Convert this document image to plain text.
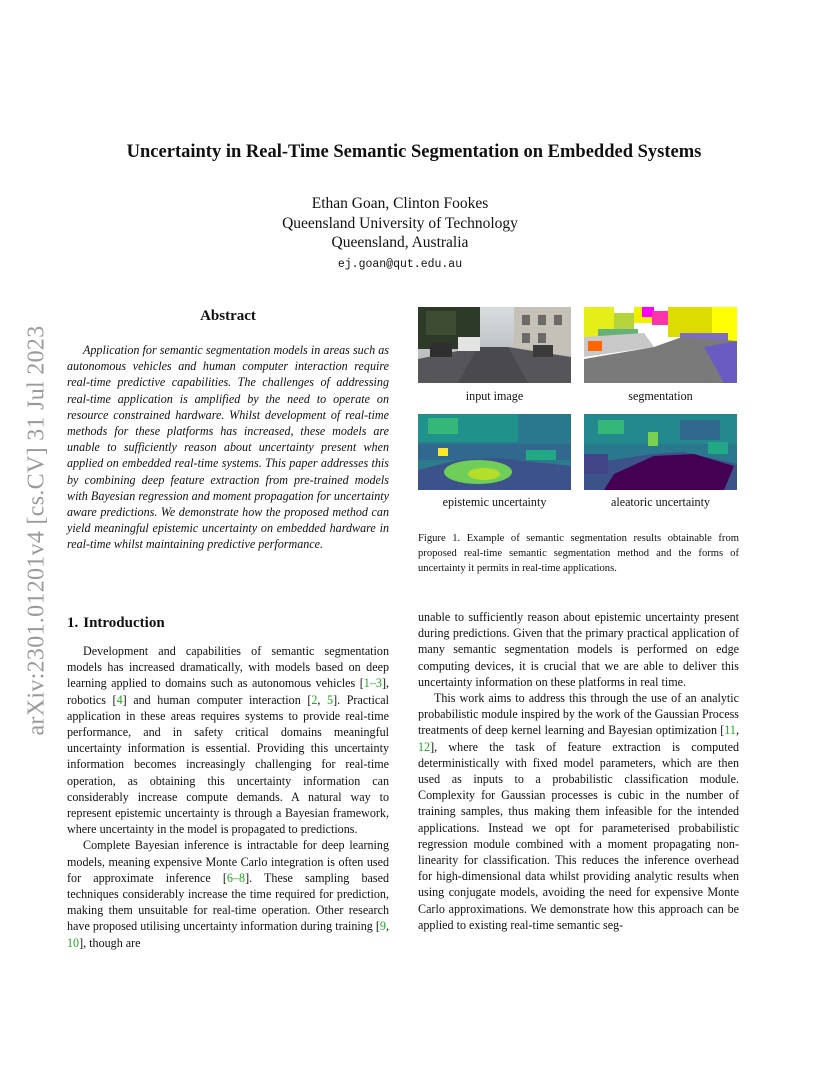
arXiv:2301.01201v4 [cs.CV] 31 Jul 2023
Uncertainty in Real-Time Semantic Segmentation on Embedded Systems
Ethan Goan, Clinton Fookes
Queensland University of Technology
Queensland, Australia
ej.goan@qut.edu.au
Abstract
Application for semantic segmentation models in areas such as autonomous vehicles and human computer interaction require real-time predictive capabilities. The challenges of addressing real-time application is amplified by the need to operate on resource constrained hardware. Whilst development of real-time methods for these platforms has increased, these models are unable to sufficiently reason about uncertainty present when applied on embedded real-time systems. This paper addresses this by combining deep feature extraction from pre-trained models with Bayesian regression and moment propagation for uncertainty aware predictions. We demonstrate how the proposed method can yield meaningful epistemic uncertainty on embedded hardware in real-time whilst maintaining predictive performance.
1. Introduction

Development and capabilities of semantic segmentation models has increased dramatically, with models based on deep learning applied to domains such as autonomous vehicles [1–3], robotics [4] and human computer interaction [2, 5]. Practical application in these areas requires systems to provide real-time performance, and in safety critical domains meaningful uncertainty information is essential. Providing this uncertainty information becomes increasingly challenging for real-time operation, as obtaining this uncertainty information can considerably increase compute demands. A natural way to represent epistemic uncertainty is through a Bayesian framework, where uncertainty in the model is propagated to predictions.

Complete Bayesian inference is intractable for deep learning models, meaning expensive Monte Carlo integration is often used for approximate inference [6–8]. These sampling based techniques considerably increase the time required for prediction, making them unsuitable for real-time operation. Other research have proposed utilising uncertainty information during training [9, 10], though are

input image	segmentation
epistemic uncertainty	aleatoric uncertainty
Figure 1. Example of semantic segmentation results obtainable from proposed real-time semantic segmentation method and the forms of uncertainty it permits in real-time applications.

unable to sufficiently reason about epistemic uncertainty present during predictions. Given that the primary practical application of many semantic segmentation models is performed on edge computing devices, it is crucial that we are able to deliver this uncertainty information on these platforms in real time.

This work aims to address this through the use of an analytic probabilistic module inspired by the work of the Gaussian Process treatments of deep kernel learning and Bayesian optimization [11, 12], where the task of feature extraction is computed deterministically with fixed model parameters, which are then used as inputs to a probabilistic classification module. Complexity for Gaussian processes is cubic in the number of training samples, thus making them infeasible for the intended applications. Instead we opt for parameterised probabilistic regression module combined with a moment propagating non-linearity for classification. This reduces the inference overhead for high-dimensional data whilst providing analytic results when using conjugate models, avoiding the need for expensive Monte Carlo approximations. We demonstrate how this approach can be applied to existing real-time semantic seg-
